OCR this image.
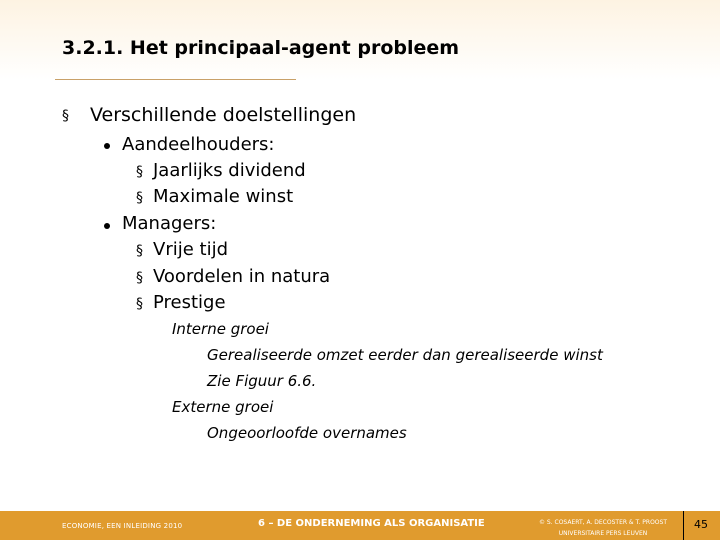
3.2.1. Het principaal-agent probleem
§ Verschillende doelstellingen
Aandeelhouders:
§ Jaarlijks dividend
§ Maximale winst
Managers:
§ Vrije tijd
§ Voordelen in natura
§ Prestige
Interne groei
Gerealiseerde omzet eerder dan gerealiseerde winst
Zie Figuur 6.6.
Externe groei
Ongeoorloofde overnames
ECONOMIE, EEN INLEIDING 2010	6 – DE ONDERNEMING ALS ORGANISATIE	© S. COSAERT, A. DECOSTER & T. PROOST
UNIVERSITAIRE PERS LEUVEN
45
